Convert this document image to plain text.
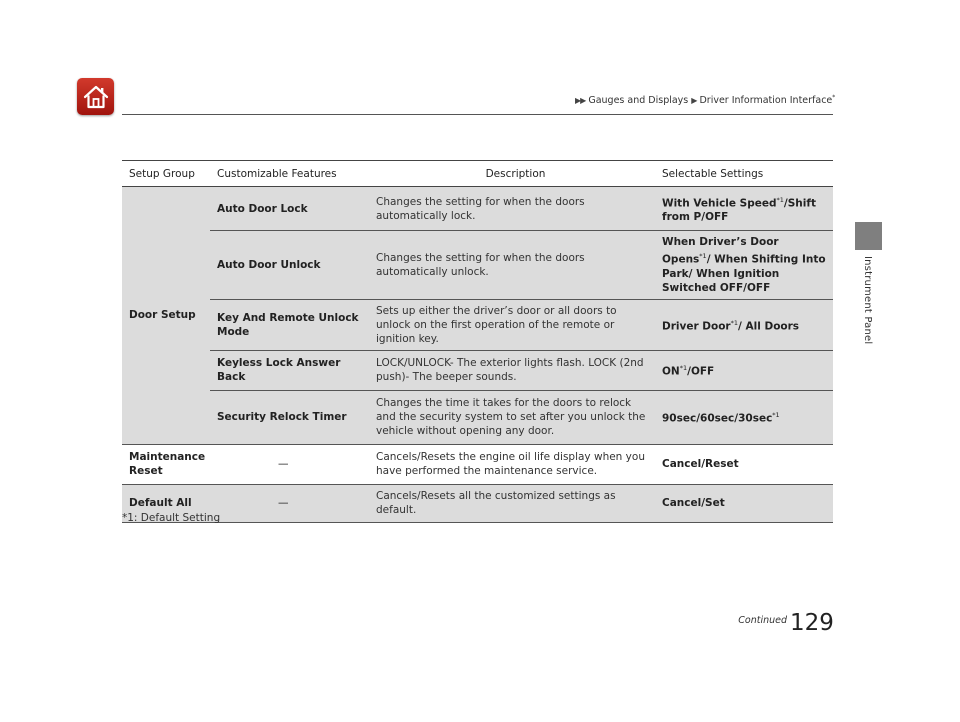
▶▶ Gauges and Displays ▶ Driver Information Interface*
Instrument Panel
Setup Group	Customizable Features	Description	Selectable Settings
Door Setup	Auto Door Lock	Changes the setting for when the doors automatically lock.	With Vehicle Speed$^{*1}$/Shift from P/OFF
	Auto Door Unlock	Changes the setting for when the doors automatically unlock.	When Driver’s Door Opens$^{*1}$/ When Shifting Into Park/ When Ignition Switched OFF/OFF
	Key And Remote Unlock Mode	Sets up either the driver’s door or all doors to unlock on the first operation of the remote or ignition key.	Driver Door$^{*1}$/ All Doors
	Keyless Lock Answer Back	LOCK/UNLOCK- The exterior lights flash. LOCK (2nd push)- The beeper sounds.	ON$^{*1}$/OFF
	Security Relock Timer	Changes the time it takes for the doors to relock and the security system to set after you unlock the vehicle without opening any door.	$90\sec/60\sec/30\sec^{*1}$
Maintenance Reset	—	Cancels/Resets the engine oil life display when you have performed the maintenance service.	Cancel/Reset
Default All	—	Cancels/Resets all the customized settings as default.	Cancel/Set
*1: Default Setting
Continued 129
